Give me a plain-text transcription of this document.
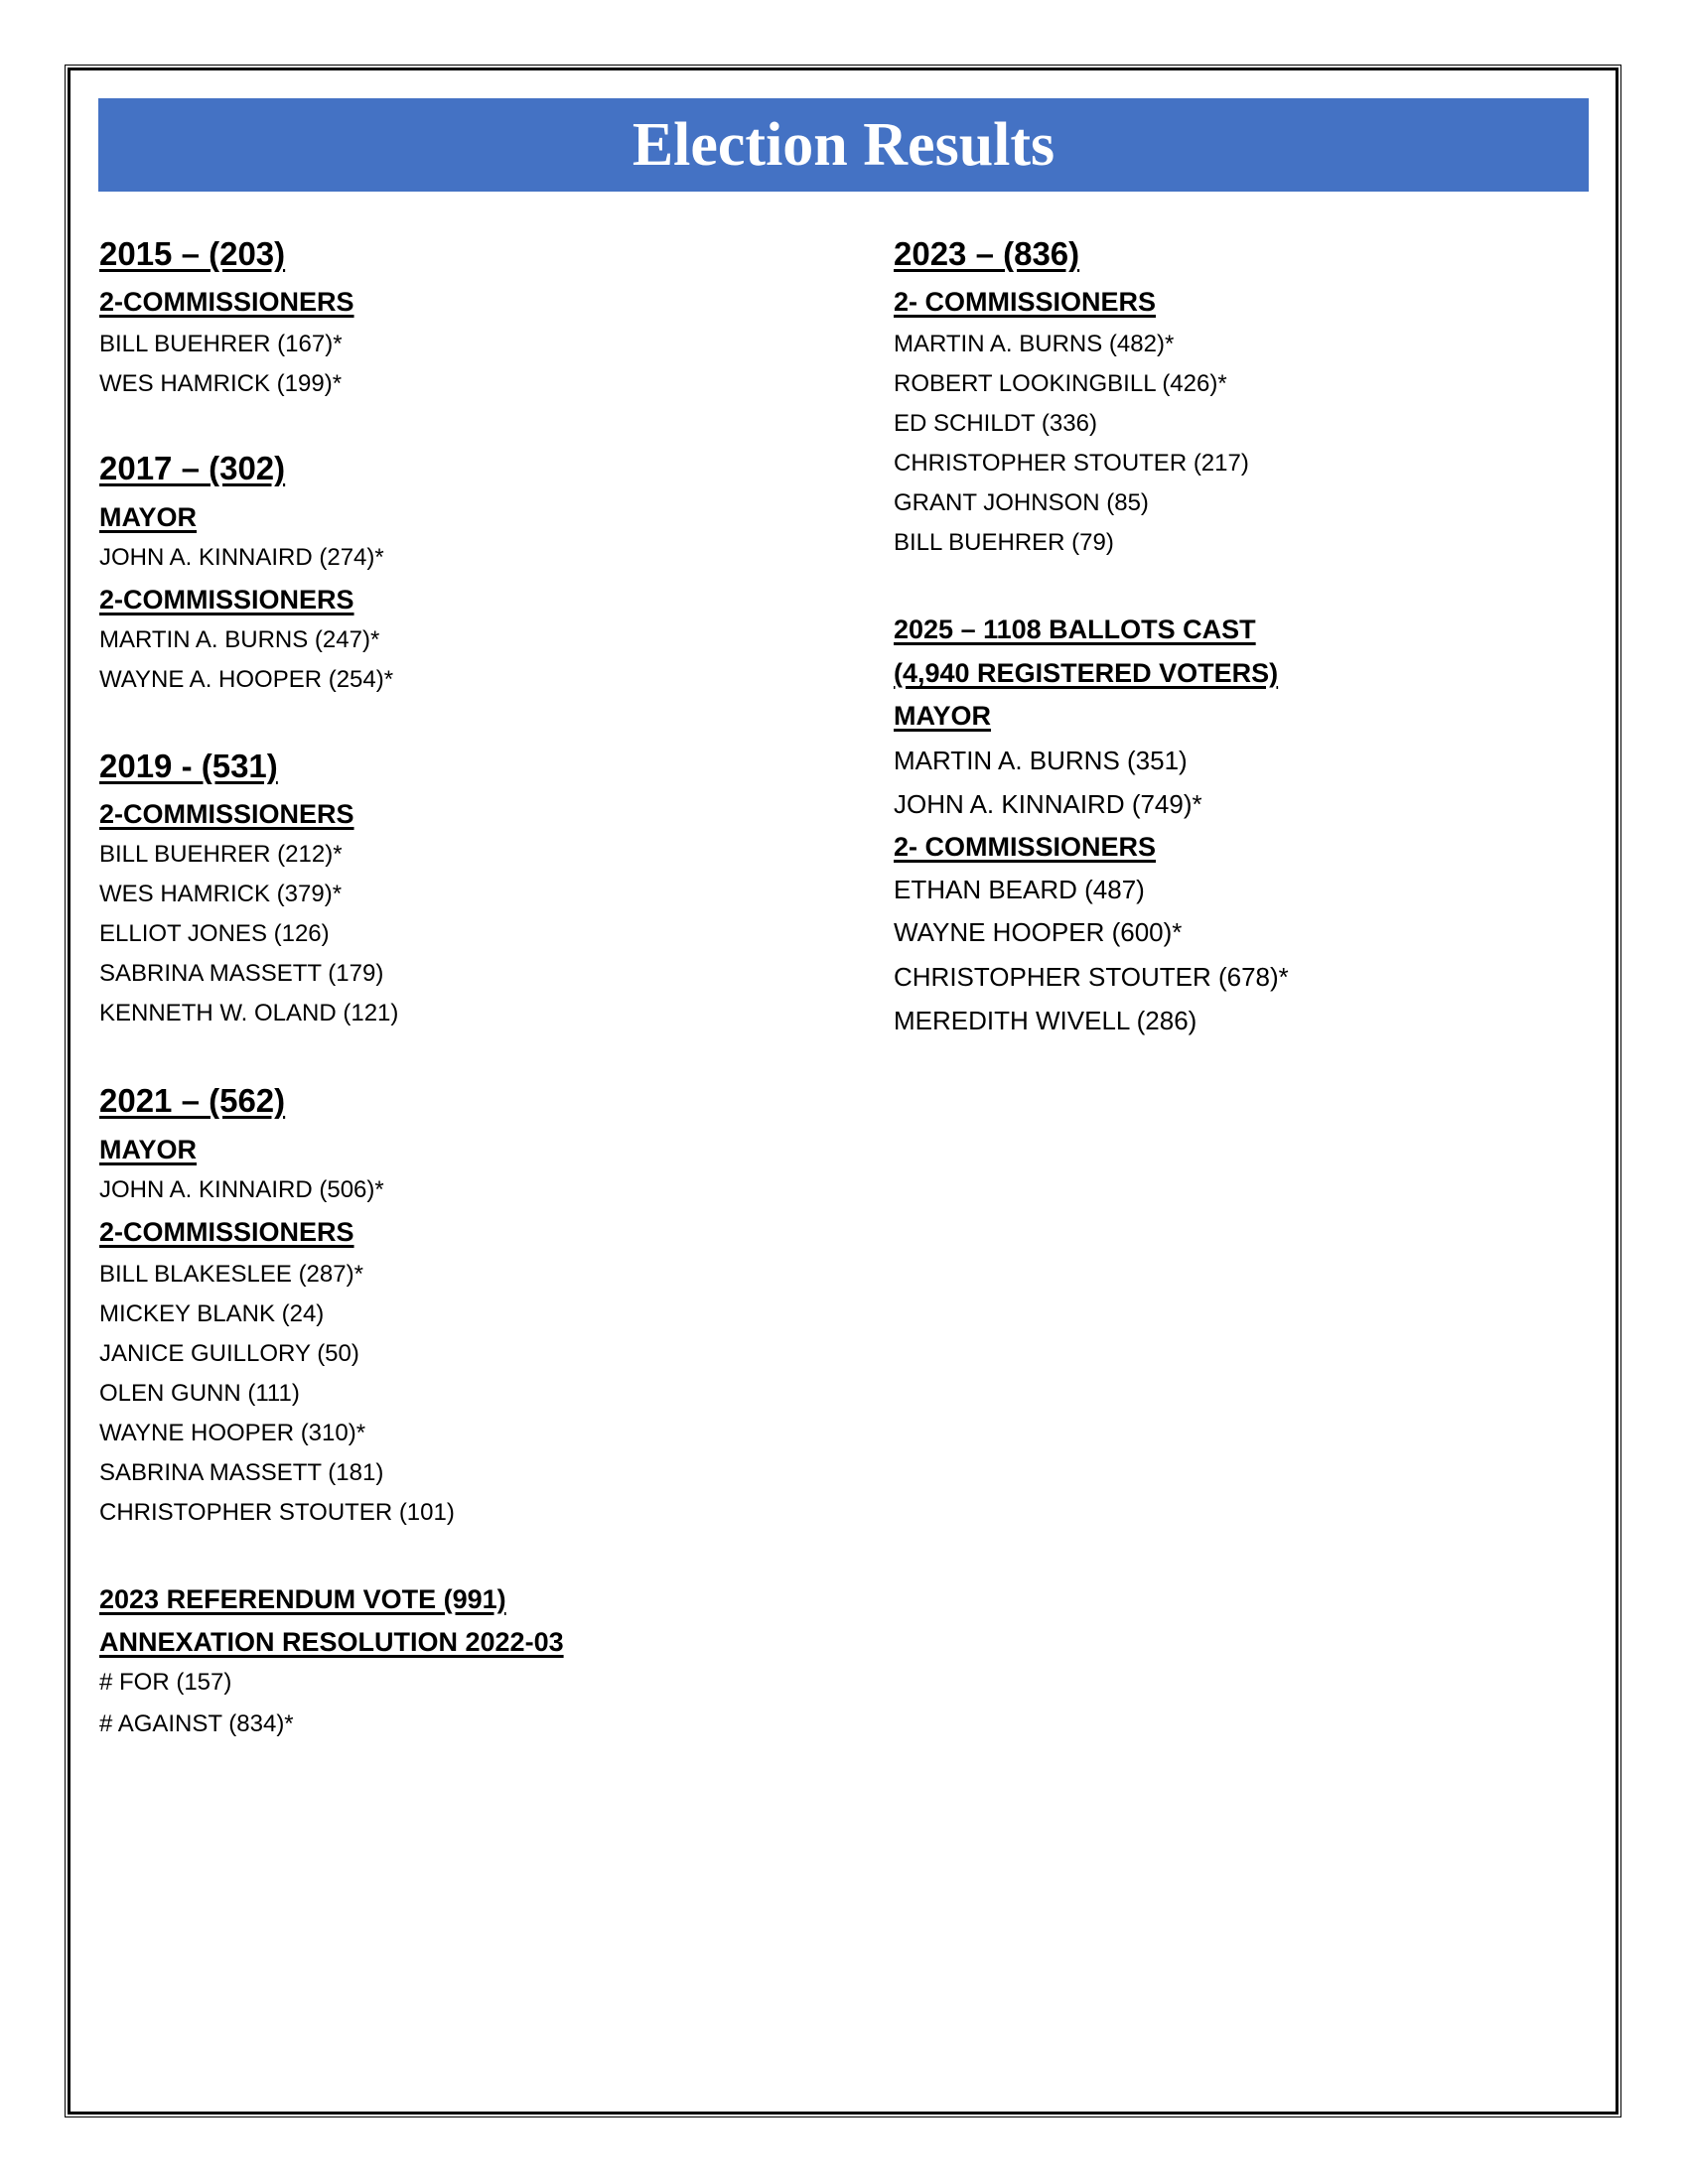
Election Results
2015 – (203)
2-COMMISSIONERS
BILL BUEHRER (167)*
WES HAMRICK (199)*
2017 – (302)
MAYOR
JOHN A. KINNAIRD (274)*
2-COMMISSIONERS
MARTIN A. BURNS (247)*
WAYNE A. HOOPER (254)*
2019 - (531)
2-COMMISSIONERS
BILL BUEHRER (212)*
WES HAMRICK (379)*
ELLIOT JONES (126)
SABRINA MASSETT (179)
KENNETH W. OLAND (121)
2021 – (562)
MAYOR
JOHN A. KINNAIRD (506)*
2-COMMISSIONERS
BILL BLAKESLEE (287)*
MICKEY BLANK (24)
JANICE GUILLORY (50)
OLEN GUNN (111)
WAYNE HOOPER (310)*
SABRINA MASSETT (181)
CHRISTOPHER STOUTER (101)
2023 REFERENDUM VOTE (991)
ANNEXATION RESOLUTION 2022-03
# FOR (157)
# AGAINST (834)*
2023 – (836)
2- COMMISSIONERS
MARTIN A. BURNS (482)*
ROBERT LOOKINGBILL (426)*
ED SCHILDT (336)
CHRISTOPHER STOUTER (217)
GRANT JOHNSON (85)
BILL BUEHRER (79)
2025 – 1108 BALLOTS CAST
(4,940 REGISTERED VOTERS)
MAYOR
MARTIN A. BURNS (351)
JOHN A. KINNAIRD (749)*
2- COMMISSIONERS
ETHAN BEARD (487)
WAYNE HOOPER (600)*
CHRISTOPHER STOUTER (678)*
MEREDITH WIVELL (286)
